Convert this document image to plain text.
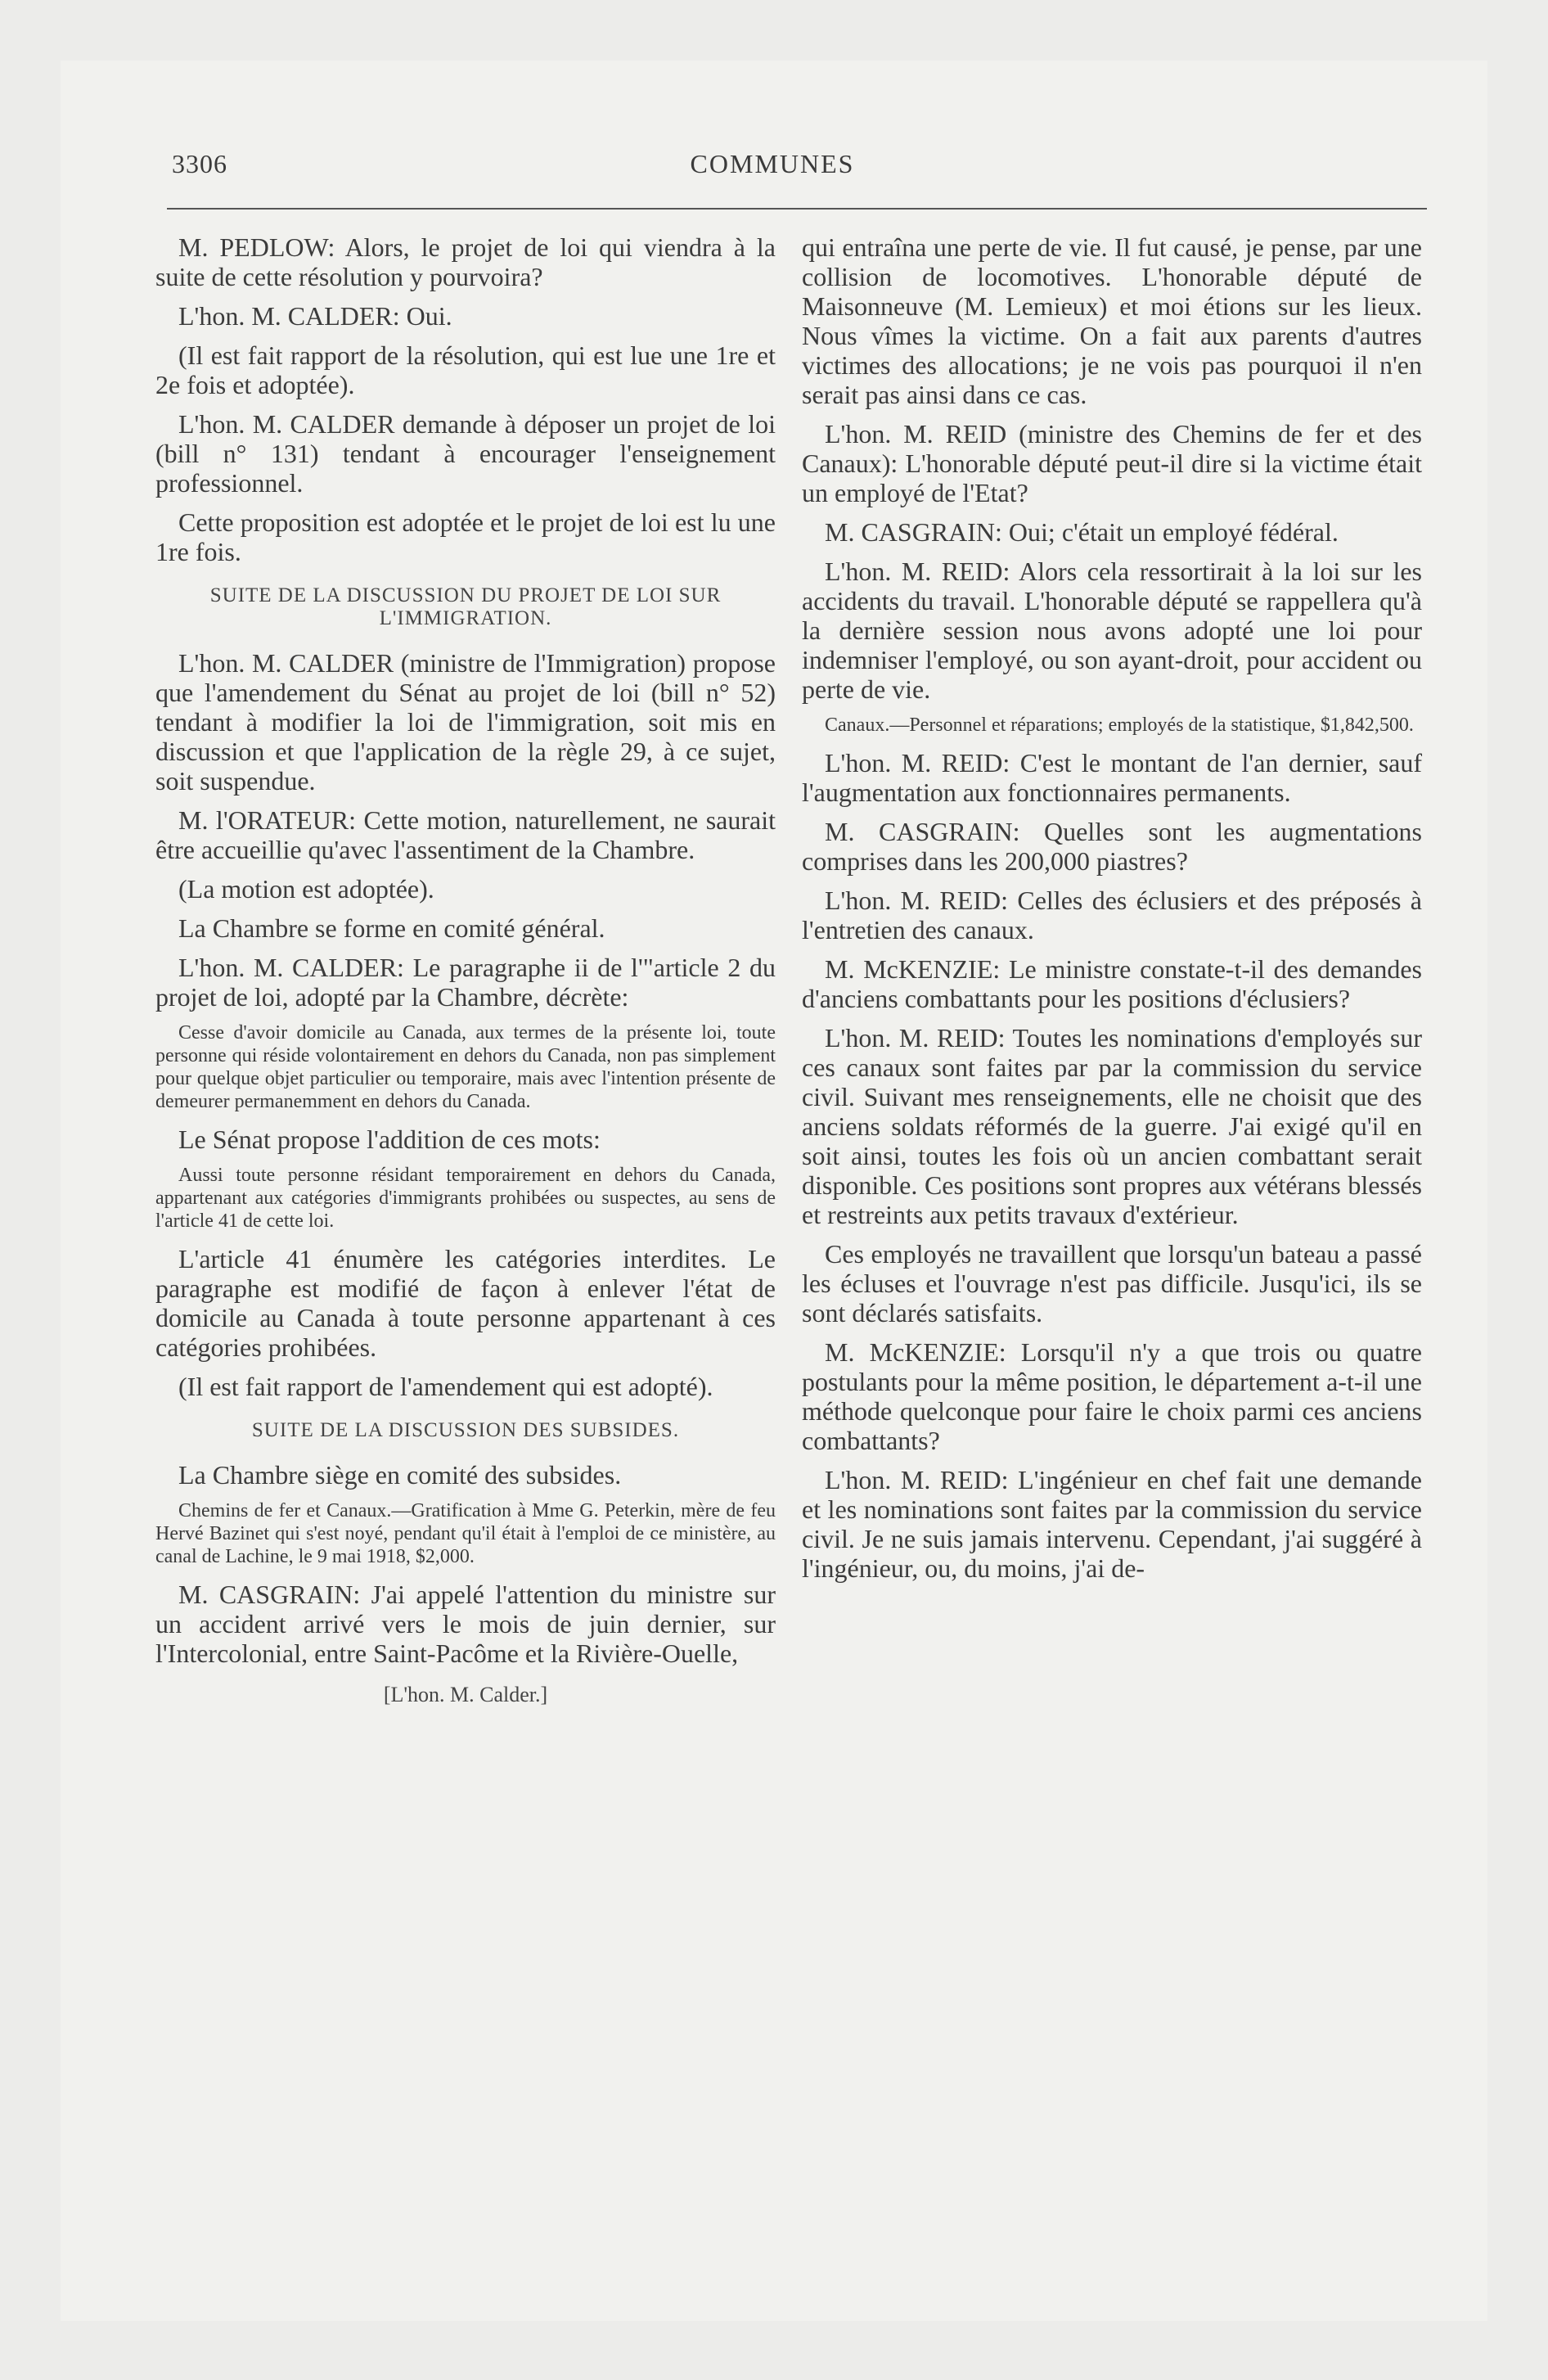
3306	COMMUNES

M. PEDLOW: Alors, le projet de loi qui viendra à la suite de cette résolution y pourvoira?

L'hon. M. CALDER: Oui.

(Il est fait rapport de la résolution, qui est lue une 1re et 2e fois et adoptée).

L'hon. M. CALDER demande à déposer un projet de loi (bill n° 131) tendant à encourager l'enseignement professionnel.

Cette proposition est adoptée et le projet de loi est lu une 1re fois.

SUITE DE LA DISCUSSION DU PROJET DE LOI SUR L'IMMIGRATION.

L'hon. M. CALDER (ministre de l'Immigration) propose que l'amendement du Sénat au projet de loi (bill n° 52) tendant à modifier la loi de l'immigration, soit mis en discussion et que l'application de la règle 29, à ce sujet, soit suspendue.

M. l'ORATEUR: Cette motion, naturellement, ne saurait être accueillie qu'avec l'assentiment de la Chambre.

(La motion est adoptée).

La Chambre se forme en comité général.

L'hon. M. CALDER: Le paragraphe ii de l'"article 2 du projet de loi, adopté par la Chambre, décrète:

Cesse d'avoir domicile au Canada, aux termes de la présente loi, toute personne qui réside volontairement en dehors du Canada, non pas simplement pour quelque objet particulier ou temporaire, mais avec l'intention présente de demeurer permanemment en dehors du Canada.

Le Sénat propose l'addition de ces mots:

Aussi toute personne résidant temporairement en dehors du Canada, appartenant aux catégories d'immigrants prohibées ou suspectes, au sens de l'article 41 de cette loi.

L'article 41 énumère les catégories interdites. Le paragraphe est modifié de façon à enlever l'état de domicile au Canada à toute personne appartenant à ces catégories prohibées.

(Il est fait rapport de l'amendement qui est adopté).

SUITE DE LA DISCUSSION DES SUBSIDES.

La Chambre siège en comité des subsides.

Chemins de fer et Canaux.—Gratification à Mme G. Peterkin, mère de feu Hervé Bazinet qui s'est noyé, pendant qu'il était à l'emploi de ce ministère, au canal de Lachine, le 9 mai 1918, $2,000.

M. CASGRAIN: J'ai appelé l'attention du ministre sur un accident arrivé vers le mois de juin dernier, sur l'Intercolonial, entre Saint-Pacôme et la Rivière-Ouelle,

[L'hon. M. Calder.]

qui entraîna une perte de vie. Il fut causé, je pense, par une collision de locomotives. L'honorable député de Maisonneuve (M. Lemieux) et moi étions sur les lieux. Nous vîmes la victime. On a fait aux parents d'autres victimes des allocations; je ne vois pas pourquoi il n'en serait pas ainsi dans ce cas.

L'hon. M. REID (ministre des Chemins de fer et des Canaux): L'honorable député peut-il dire si la victime était un employé de l'Etat?

M. CASGRAIN: Oui; c'était un employé fédéral.

L'hon. M. REID: Alors cela ressortirait à la loi sur les accidents du travail. L'honorable député se rappellera qu'à la dernière session nous avons adopté une loi pour indemniser l'employé, ou son ayant-droit, pour accident ou perte de vie.

Canaux.—Personnel et réparations; employés de la statistique, $1,842,500.

L'hon. M. REID: C'est le montant de l'an dernier, sauf l'augmentation aux fonctionnaires permanents.

M. CASGRAIN: Quelles sont les augmentations comprises dans les 200,000 piastres?

L'hon. M. REID: Celles des éclusiers et des préposés à l'entretien des canaux.

M. McKENZIE: Le ministre constate-t-il des demandes d'anciens combattants pour les positions d'éclusiers?

L'hon. M. REID: Toutes les nominations d'employés sur ces canaux sont faites par par la commission du service civil. Suivant mes renseignements, elle ne choisit que des anciens soldats réformés de la guerre. J'ai exigé qu'il en soit ainsi, toutes les fois où un ancien combattant serait disponible. Ces positions sont propres aux vétérans blessés et restreints aux petits travaux d'extérieur.

Ces employés ne travaillent que lorsqu'un bateau a passé les écluses et l'ouvrage n'est pas difficile. Jusqu'ici, ils se sont déclarés satisfaits.

M. McKENZIE: Lorsqu'il n'y a que trois ou quatre postulants pour la même position, le département a-t-il une méthode quelconque pour faire le choix parmi ces anciens combattants?

L'hon. M. REID: L'ingénieur en chef fait une demande et les nominations sont faites par la commission du service civil. Je ne suis jamais intervenu. Cependant, j'ai suggéré à l'ingénieur, ou, du moins, j'ai de-
